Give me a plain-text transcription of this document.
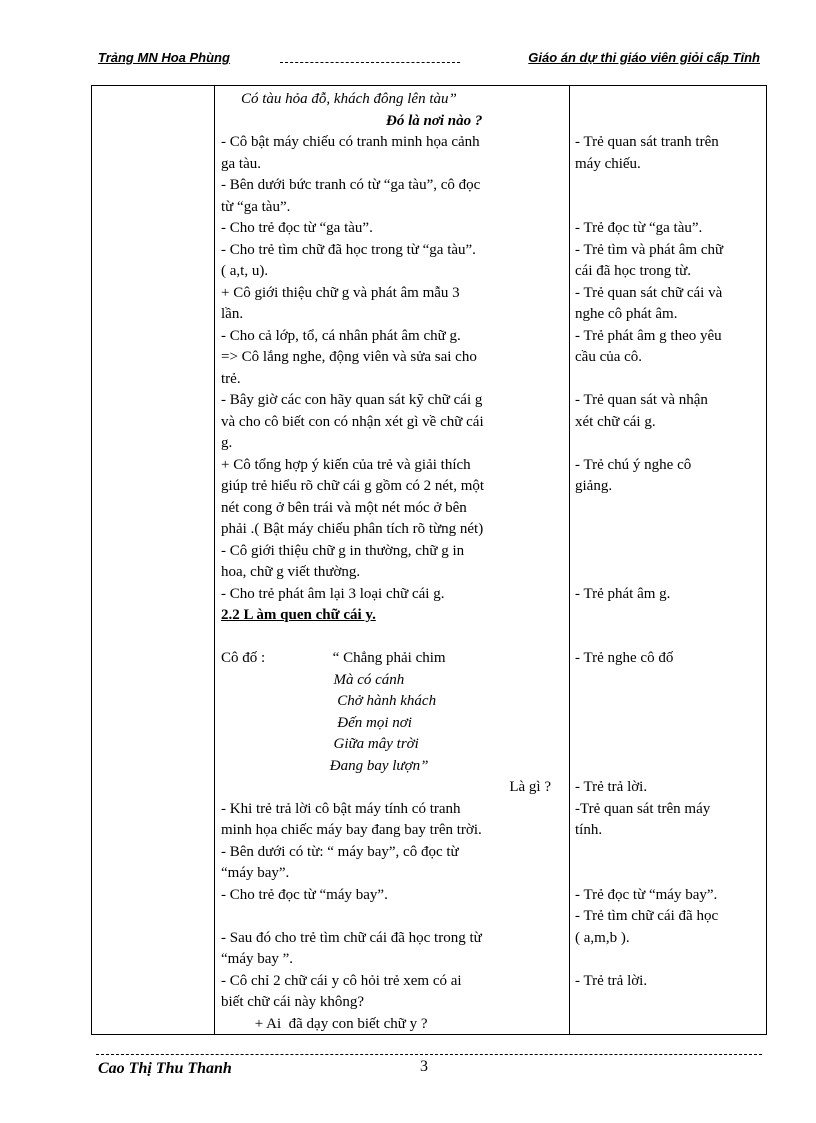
Trảng MN Hoa Phùng	Giáo án dự thi giáo viên giỏi cấp Tỉnh
Có tàu hỏa đỗ, khách đông lên tàu”
Đó là nơi nào ?
- Cô bật máy chiếu có tranh minh họa cảnh
ga tàu.
- Bên dưới bức tranh có từ “ga tàu”, cô đọc
từ “ga tàu”.
- Cho trẻ đọc từ “ga tàu”.
- Cho trẻ tìm chữ đã học trong từ “ga tàu”.
( a,t, u).
+ Cô giới thiệu chữ g và phát âm mẫu 3
lần.
- Cho cả lớp, tổ, cá nhân phát âm chữ g.
=> Cô lắng nghe, động viên và sửa sai cho
trẻ.
- Bây giờ các con hãy quan sát kỹ chữ cái g
và cho cô biết con có nhận xét gì về chữ cái
g.
+ Cô tổng hợp ý kiến của trẻ và giải thích
giúp trẻ hiểu rõ chữ cái g gồm có 2 nét, một
nét cong ở bên trái và một nét móc ở bên
phải .( Bật máy chiếu phân tích rõ từng nét)
- Cô giới thiệu chữ g in thường, chữ g in
hoa, chữ g viết thường.
- Cho trẻ phát âm lại 3 loại chữ cái g.
2.2 L àm quen chữ cái y.

Cô đố :                  “ Chẳng phải chim
Mà có cánh
Chở hành khách
Đến mọi nơi
Giữa mây trời
Đang bay lượn”
Là gì ?
- Khi trẻ trả lời cô bật máy tính có tranh
minh họa chiếc máy bay đang bay trên trời.
- Bên dưới có từ: “ máy bay”, cô đọc từ
“máy bay”.
- Cho trẻ đọc từ “máy bay”.

- Sau đó cho trẻ tìm chữ cái đã học trong từ
“máy bay ”.
- Cô chỉ 2 chữ cái y cô hỏi trẻ xem có ai
biết chữ cái này không?
+ Ai  đã dạy con biết chữ y ?

- Trẻ quan sát tranh trên
máy chiếu.

- Trẻ đọc từ “ga tàu”.
- Trẻ tìm và phát âm chữ
cái đã học trong từ.
- Trẻ quan sát chữ cái và
nghe cô phát âm.
- Trẻ phát âm g theo yêu
cầu của cô.

- Trẻ quan sát và nhận
xét chữ cái g.

- Trẻ chú ý nghe cô
giảng.

- Trẻ phát âm g.

- Trẻ nghe cô đố

- Trẻ trả lời.
-Trẻ quan sát trên máy
tính.

- Trẻ đọc từ “máy bay”.
- Trẻ tìm chữ cái đã học
( a,m,b ).

- Trẻ trả lời.

Cao Thị Thu Thanh	3
